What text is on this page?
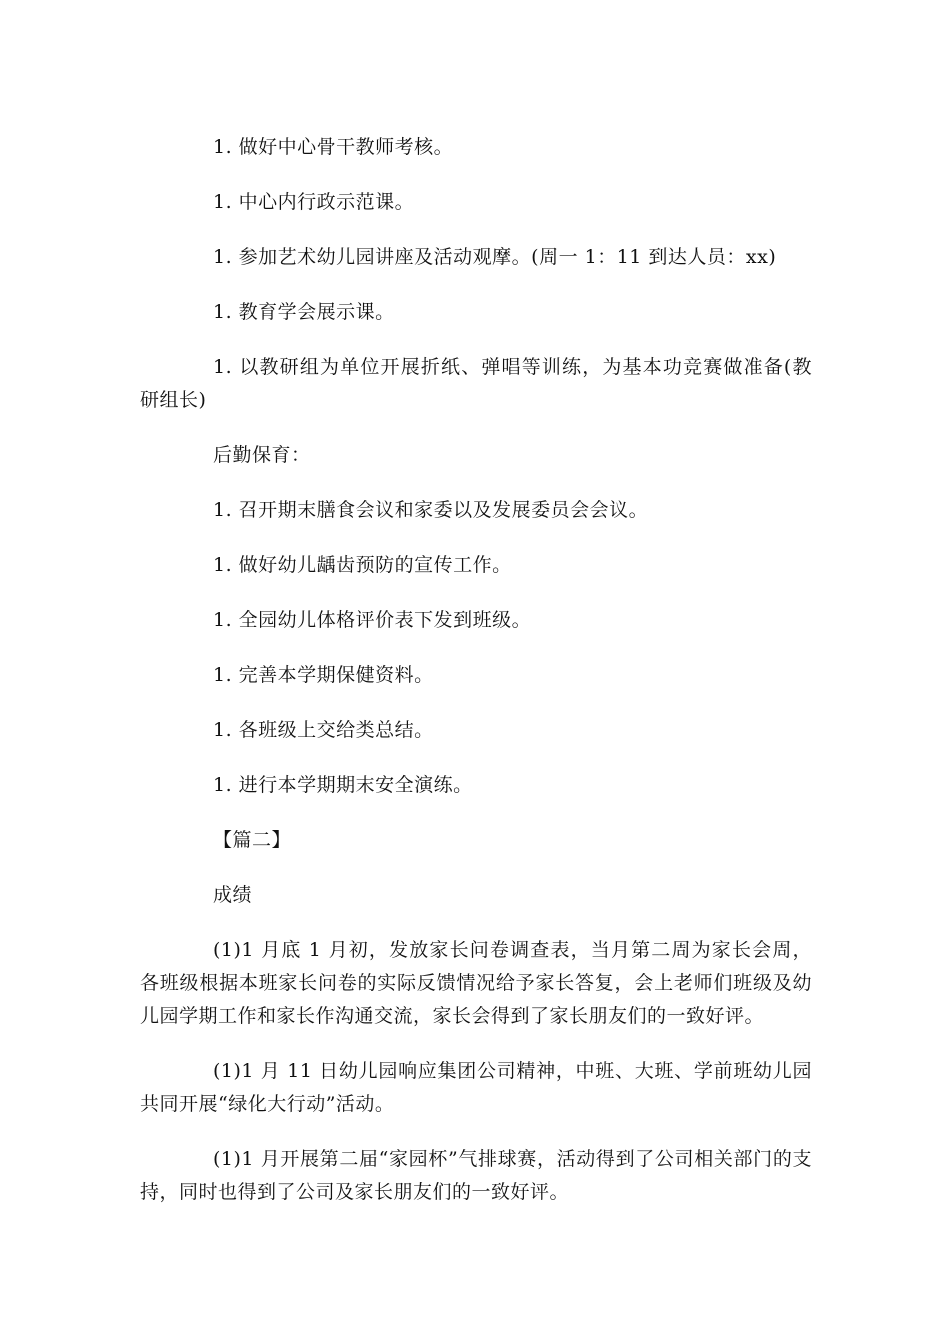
1. 做好中心骨干教师考核。

1. 中心内行政示范课。

1. 参加艺术幼儿园讲座及活动观摩。(周一 1：11 到达人员：xx)

1. 教育学会展示课。

1. 以教研组为单位开展折纸、弹唱等训练，为基本功竞赛做准备(教研组长)

后勤保育：

1. 召开期末膳食会议和家委以及发展委员会会议。

1. 做好幼儿龋齿预防的宣传工作。

1. 全园幼儿体格评价表下发到班级。

1. 完善本学期保健资料。

1. 各班级上交给类总结。

1. 进行本学期期末安全演练。

【篇二】

成绩

(1)1 月底 1 月初，发放家长问卷调查表，当月第二周为家长会周，各班级根据本班家长问卷的实际反馈情况给予家长答复，会上老师们班级及幼儿园学期工作和家长作沟通交流，家长会得到了家长朋友们的一致好评。

(1)1 月 11 日幼儿园响应集团公司精神，中班、大班、学前班幼儿园共同开展“绿化大行动”活动。

(1)1 月开展第二届“家园杯”气排球赛，活动得到了公司相关部门的支持，同时也得到了公司及家长朋友们的一致好评。
